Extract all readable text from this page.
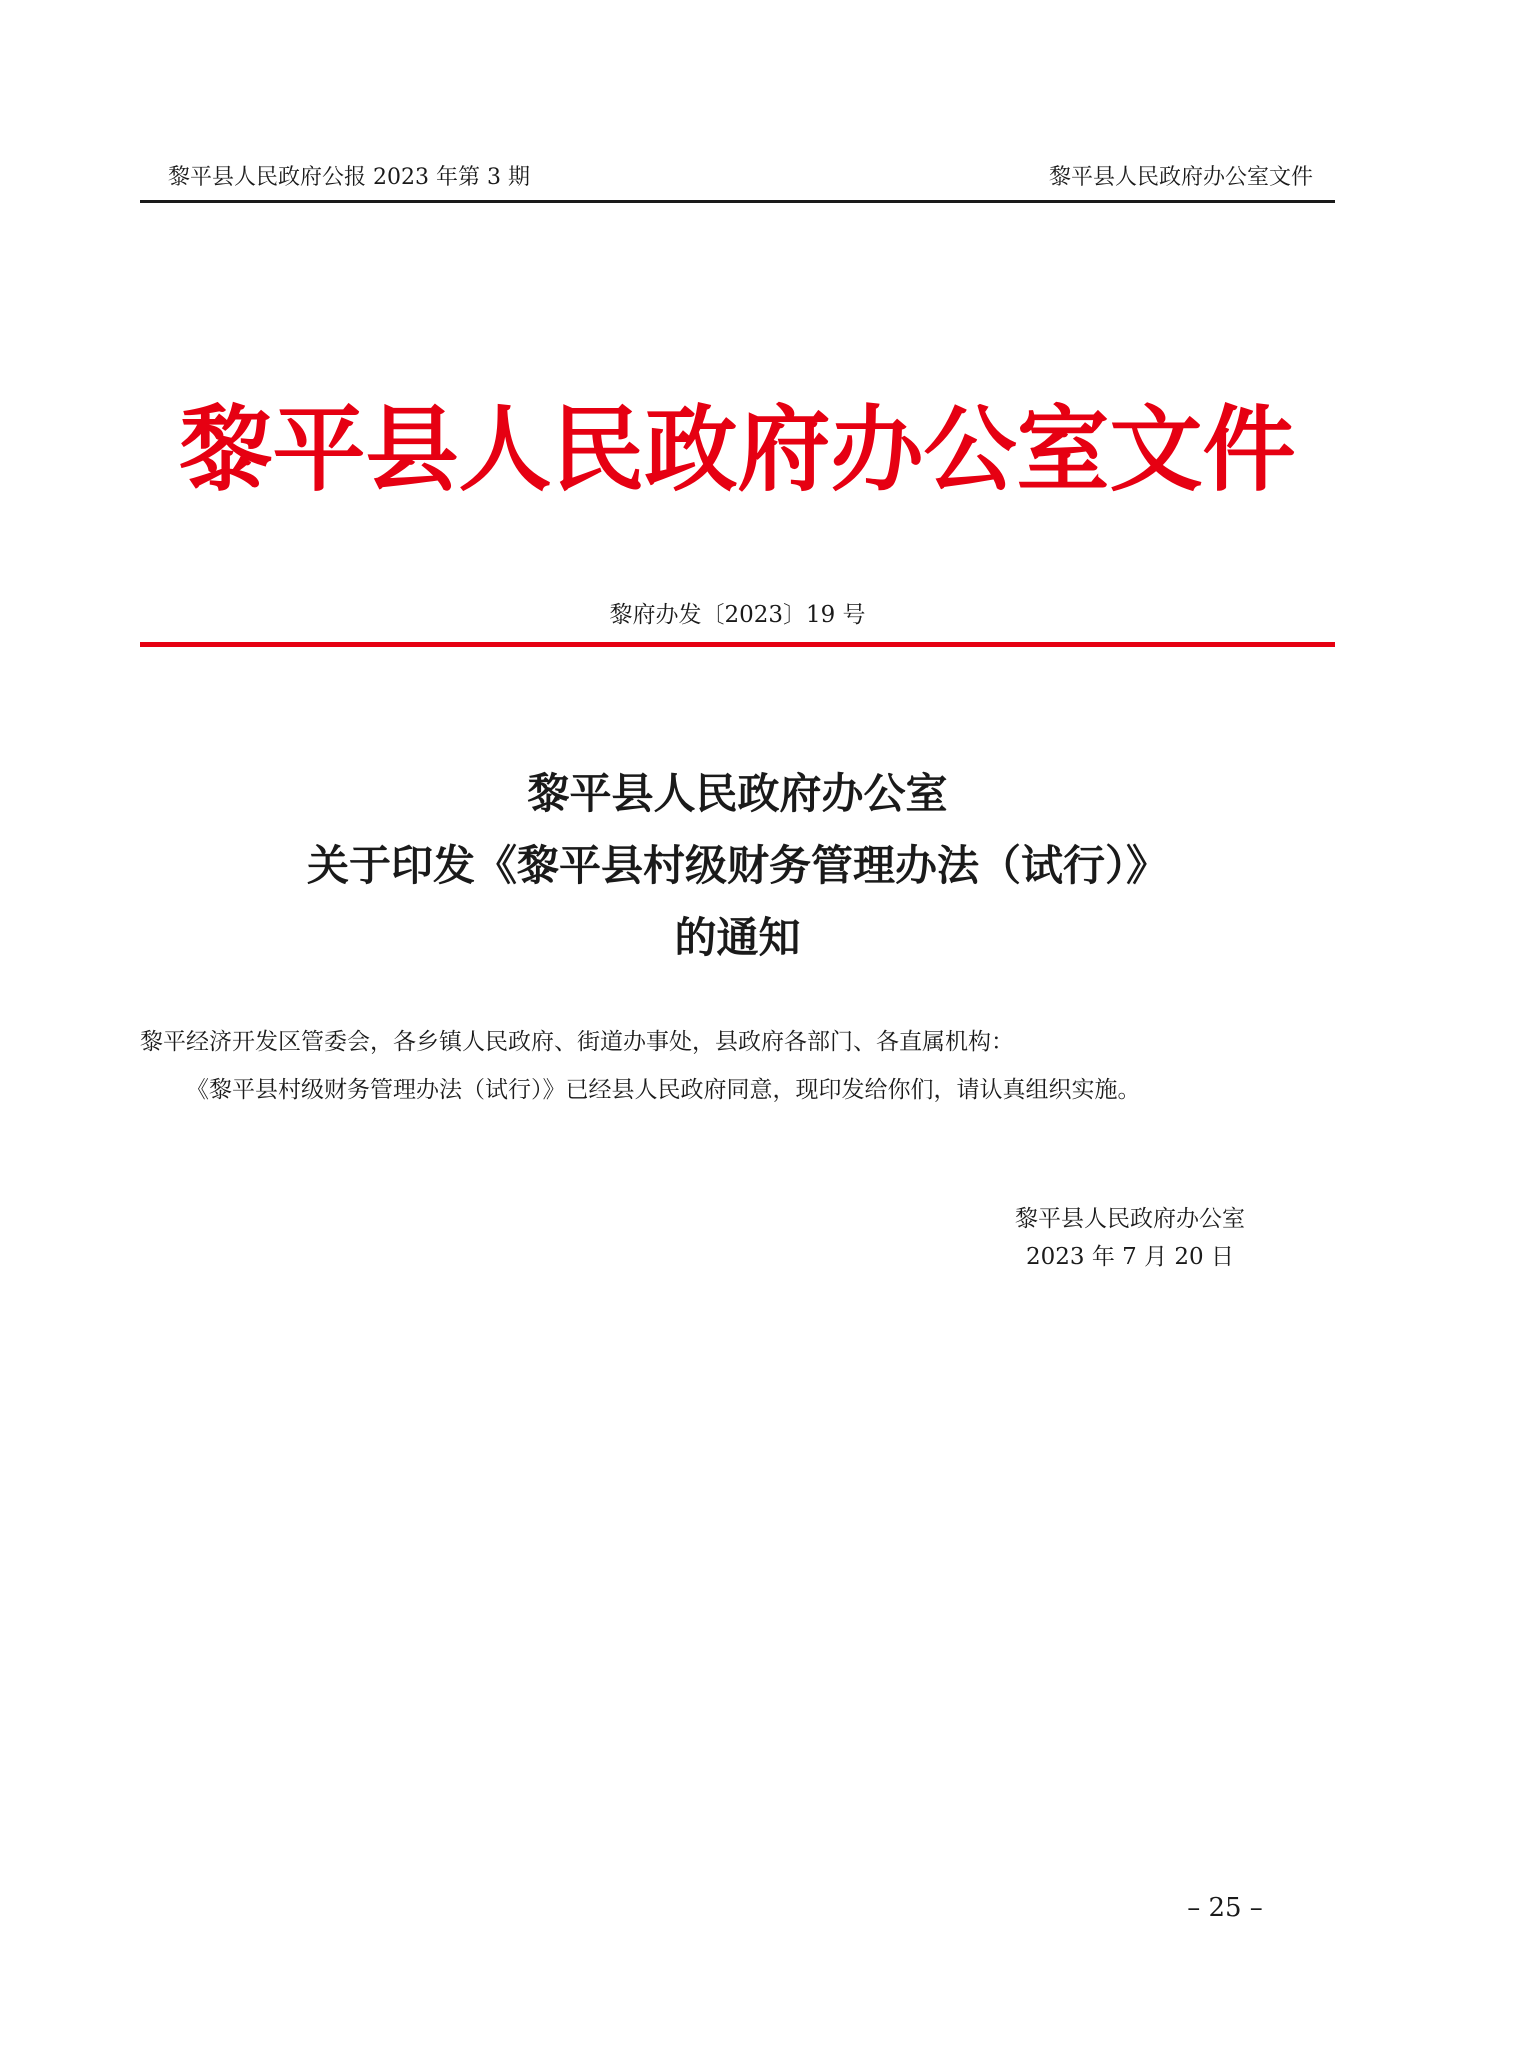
黎平县人民政府公报 2023 年第 3 期	黎平县人民政府办公室文件
黎平县人民政府办公室文件
黎府办发〔2023〕19 号
黎平县人民政府办公室
关于印发《黎平县村级财务管理办法（试行）》
的通知
黎平经济开发区管委会，各乡镇人民政府、街道办事处，县政府各部门、各直属机构：
《黎平县村级财务管理办法（试行）》已经县人民政府同意，现印发给你们，请认真组织实施。
黎平县人民政府办公室
2023 年 7 月 20 日
– 25 –
